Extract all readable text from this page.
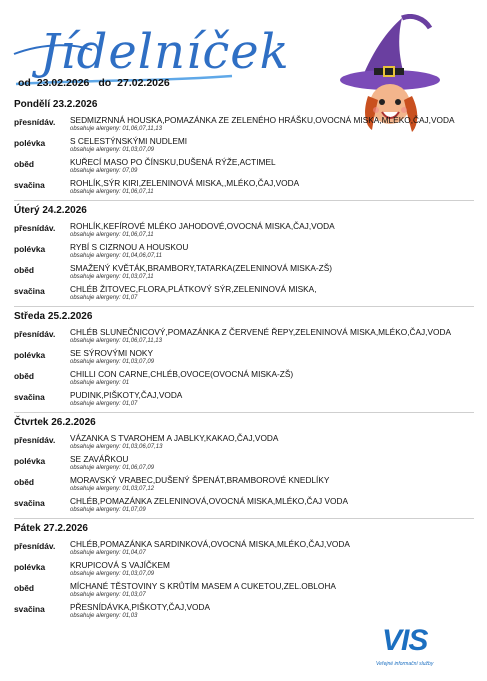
Jídelníček
od 23.02.2026 do 27.02.2026
Pondělí 23.2.2026
přesnídáv.	SEDMIZRNNÁ HOUSKA,POMAZÁNKA ZE ZELENÉHO HRÁŠKU,OVOCNÁ MISKA,MLÉKO,ČAJ,VODA
obsahuje alergeny: 01,06,07,11,13
polévka	S CELESTÝNSKÝMI NUDLEMI
obsahuje alergeny: 01,03,07,09
oběd	KUŘECÍ MASO PO ČÍNSKU,DUŠENÁ RÝŽE,ACTIMEL
obsahuje alergeny: 07,09
svačina	ROHLÍK,SÝR KIRI,ZELENINOVÁ MISKA,,MLÉKO,ČAJ,VODA
obsahuje alergeny: 01,06,07,11
Úterý 24.2.2026
přesnídáv.	ROHLÍK,KEFÍROVÉ MLÉKO JAHODOVÉ,OVOCNÁ MISKA,ČAJ,VODA
obsahuje alergeny: 01,06,07,11
polévka	RYBÍ S CIZRNOU A HOUSKOU
obsahuje alergeny: 01,04,06,07,11
oběd	SMAŽENÝ KVĚTÁK,BRAMBORY,TATARKA(ZELENINOVÁ MISKA-ZŠ)
obsahuje alergeny: 01,03,07,11
svačina	CHLÉB ŽITOVEC,FLORA,PLÁTKOVÝ SÝR,ZELENINOVÁ MISKA,
obsahuje alergeny: 01,07
Středa 25.2.2026
přesnídáv.	CHLÉB SLUNEČNICOVÝ,POMAZÁNKA Z ČERVENÉ ŘEPY,ZELENINOVÁ MISKA,MLÉKO,ČAJ,VODA
obsahuje alergeny: 01,06,07,11,13
polévka	SE SÝROVÝMI NOKY
obsahuje alergeny: 01,03,07,09
oběd	CHILLI CON CARNE,CHLÉB,OVOCE(OVOCNÁ MISKA-ZŠ)
obsahuje alergeny: 01
svačina	PUDINK,PIŠKOTY,ČAJ,VODA
obsahuje alergeny: 01,07
Čtvrtek 26.2.2026
přesnídáv.	VÁZANKA S TVAROHEM A JABLKY,KAKAO,ČAJ,VODA
obsahuje alergeny: 01,03,06,07,13
polévka	SE ZAVÁŘKOU
obsahuje alergeny: 01,06,07,09
oběd	MORAVSKÝ VRABEC,DUŠENÝ ŠPENÁT,BRAMBOROVÉ KNEDLÍKY
obsahuje alergeny: 01,03,07,12
svačina	CHLÉB,POMAZÁNKA ZELENINOVÁ,OVOCNÁ MISKA,MLÉKO,ČAJ VODA
obsahuje alergeny: 01,07,09
Pátek 27.2.2026
přesnídáv.	CHLÉB,POMAZÁNKA SARDINKOVÁ,OVOCNÁ MISKA,MLÉKO,ČAJ,VODA
obsahuje alergeny: 01,04,07
polévka	KRUPICOVÁ S VAJÍČKEM
obsahuje alergeny: 01,03,07,09
oběd	MÍCHANÉ TĚSTOVINY S KRŮTÍM MASEM A CUKETOU,ZEL.OBLOHA
obsahuje alergeny: 01,03,07
svačina	PŘESNÍDÁVKA,PIŠKOTY,ČAJ,VODA
obsahuje alergeny: 01,03
VIS
Veřejné informační služby
